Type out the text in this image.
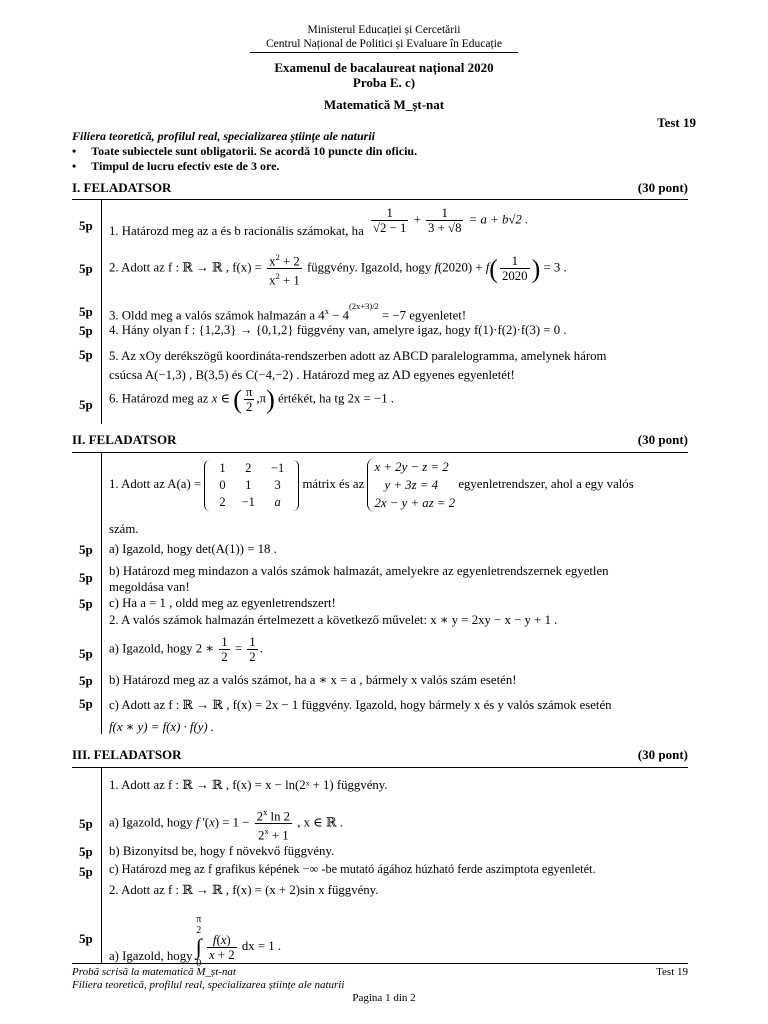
Ministerul Educației și Cercetării
Centrul Național de Politici și Evaluare în Educație
Examenul de bacalaureat național 2020
Proba E. c)
Matematică M_șt-nat
Test 19
Filiera teoretică, profilul real, specializarea științe ale naturii
•     Toate subiectele sunt obligatorii. Se acordă 10 puncte din oficiu.
•     Timpul de lucru efectiv este de 3 ore.
I. FELADATSOR	(30 pont)
5p 1. Határozd meg az a és b racionális számokat, ha $\frac{1}{√2 - 1} + \frac{1}{3 + √8} = a + b√2$ .
5p 2. Adott az f : ℝ → ℝ , $f(x) = \frac{x^2 + 2}{x^2 + 1}$ függvény. Igazold, hogy $f(2020) + f( \frac{1}{2020}$ ) = 3 .
5p 3. Oldd meg a valós számok halmazán a $4^x - 4^{(2x+3)/2} = -7$ egyenletet!
5p 4. Hány olyan f : {1,2,3} → {0,1,2} függvény van, amelyre igaz, hogy f(1)·f(2)·f(3) = 0 .
5p 5. Az xOy derékszögű koordináta-rendszerben adott az ABCD paralelogramma, amelynek három
csúcsa A(−1,3) , B(3,5) és C(−4,−2) . Határozd meg az AD egyenes egyenletét!
5p 6. Határozd meg az x ∈ ( $\frac{\pi}{2} ,\pi$) értékét, ha tg 2x = −1 .
II. FELADATSOR	(30 pont)
1. Adott az A(a) =
1	2	−1
0	1	3
2	−1	a
mátrix és az
x + 2y − z = 2
y + 3z = 4
2x − y + az = 2
egyenletrendszer, ahol a egy valós
szám.
5p a) Igazold, hogy det(A(1)) = 18 .
5p b) Határozd meg mindazon a valós számok halmazát, amelyekre az egyenletrendszernek egyetlen
megoldása van!
5p c) Ha a = 1 , oldd meg az egyenletrendszert!
2. A valós számok halmazán értelmezett a következő művelet: x ∗ y = 2xy − x − y + 1 .
5p a) Igazold, hogy 2 ∗ $\frac{1}{2} = \frac{1}{2}$ .
5p b) Határozd meg az a valós számot, ha a ∗ x = a , bármely x valós szám esetén!
5p c) Adott az f : ℝ → ℝ , f(x) = 2x − 1 függvény. Igazold, hogy bármely x és y valós számok esetén
f(x ∗ y) = f(x) · f(y) .
III. FELADATSOR	(30 pont)
1. Adott az f : ℝ → ℝ , f(x) = x − ln(2ˣ + 1) függvény.
5p a) Igazold, hogy f '$(x) = 1 - \frac{2^x \ln 2}{2^x + 1}$ , x ∈ ℝ .
5p b) Bizonyítsd be, hogy f növekvő függvény.
5p c) Határozd meg az f grafikus képének −∞ -be mutató ágához húzható ferde aszimptota egyenletét.
2. Adott az f : ℝ → ℝ , f(x) = (x + 2)sin x függvény.
5p
a) Igazold, hogy
π
2
∫
0

$\frac{f(x)}{x + 2}$ dx = 1 .
Probă scrisă la matematică M_șt-nat	Test 19
Filiera teoretică, profilul real, specializarea științe ale naturii
Pagina 1 din 2
